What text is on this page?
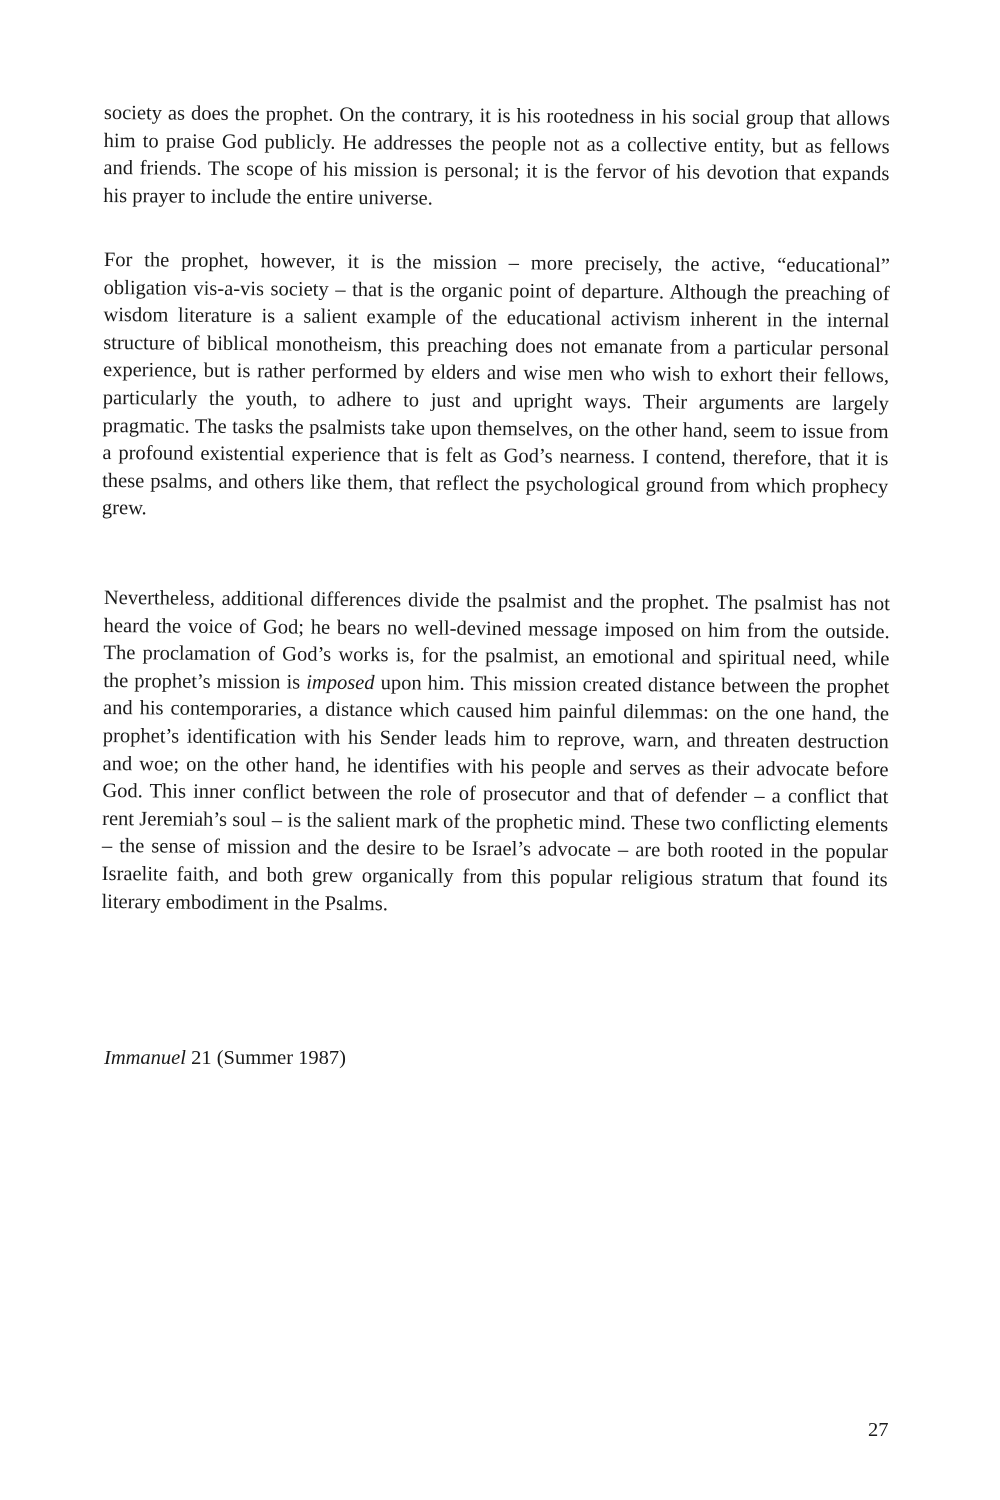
society as does the prophet. On the contrary, it is his rootedness in his social group that allows him to praise God publicly. He addresses the people not as a collective entity, but as fellows and friends. The scope of his mission is personal; it is the fervor of his devotion that expands his prayer to include the entire universe.

For the prophet, however, it is the mission – more precisely, the active, “educational” obligation vis-a-vis society – that is the organic point of departure. Although the preaching of wisdom literature is a salient example of the educational activism inherent in the internal structure of biblical monotheism, this preaching does not emanate from a particular personal experience, but is rather performed by elders and wise men who wish to exhort their fellows, particularly the youth, to adhere to just and upright ways. Their arguments are largely pragmatic. The tasks the psalmists take upon themselves, on the other hand, seem to issue from a profound existential experience that is felt as God’s nearness. I contend, therefore, that it is these psalms, and others like them, that reflect the psychological ground from which prophecy grew.

Nevertheless, additional differences divide the psalmist and the prophet. The psalmist has not heard the voice of God; he bears no well-devined message imposed on him from the outside. The proclamation of God’s works is, for the psalmist, an emotional and spiritual need, while the prophet’s mission is imposed upon him. This mission created distance between the prophet and his contemporaries, a distance which caused him painful dilemmas: on the one hand, the prophet’s identification with his Sender leads him to reprove, warn, and threaten destruction and woe; on the other hand, he identifies with his people and serves as their advocate before God. This inner conflict between the role of prosecutor and that of defender – a conflict that rent Jeremiah’s soul – is the salient mark of the prophetic mind. These two conflicting elements – the sense of mission and the desire to be Israel’s advocate – are both rooted in the popular Israelite faith, and both grew organically from this popular religious stratum that found its literary embodiment in the Psalms.

Immanuel 21 (Summer 1987)

27
